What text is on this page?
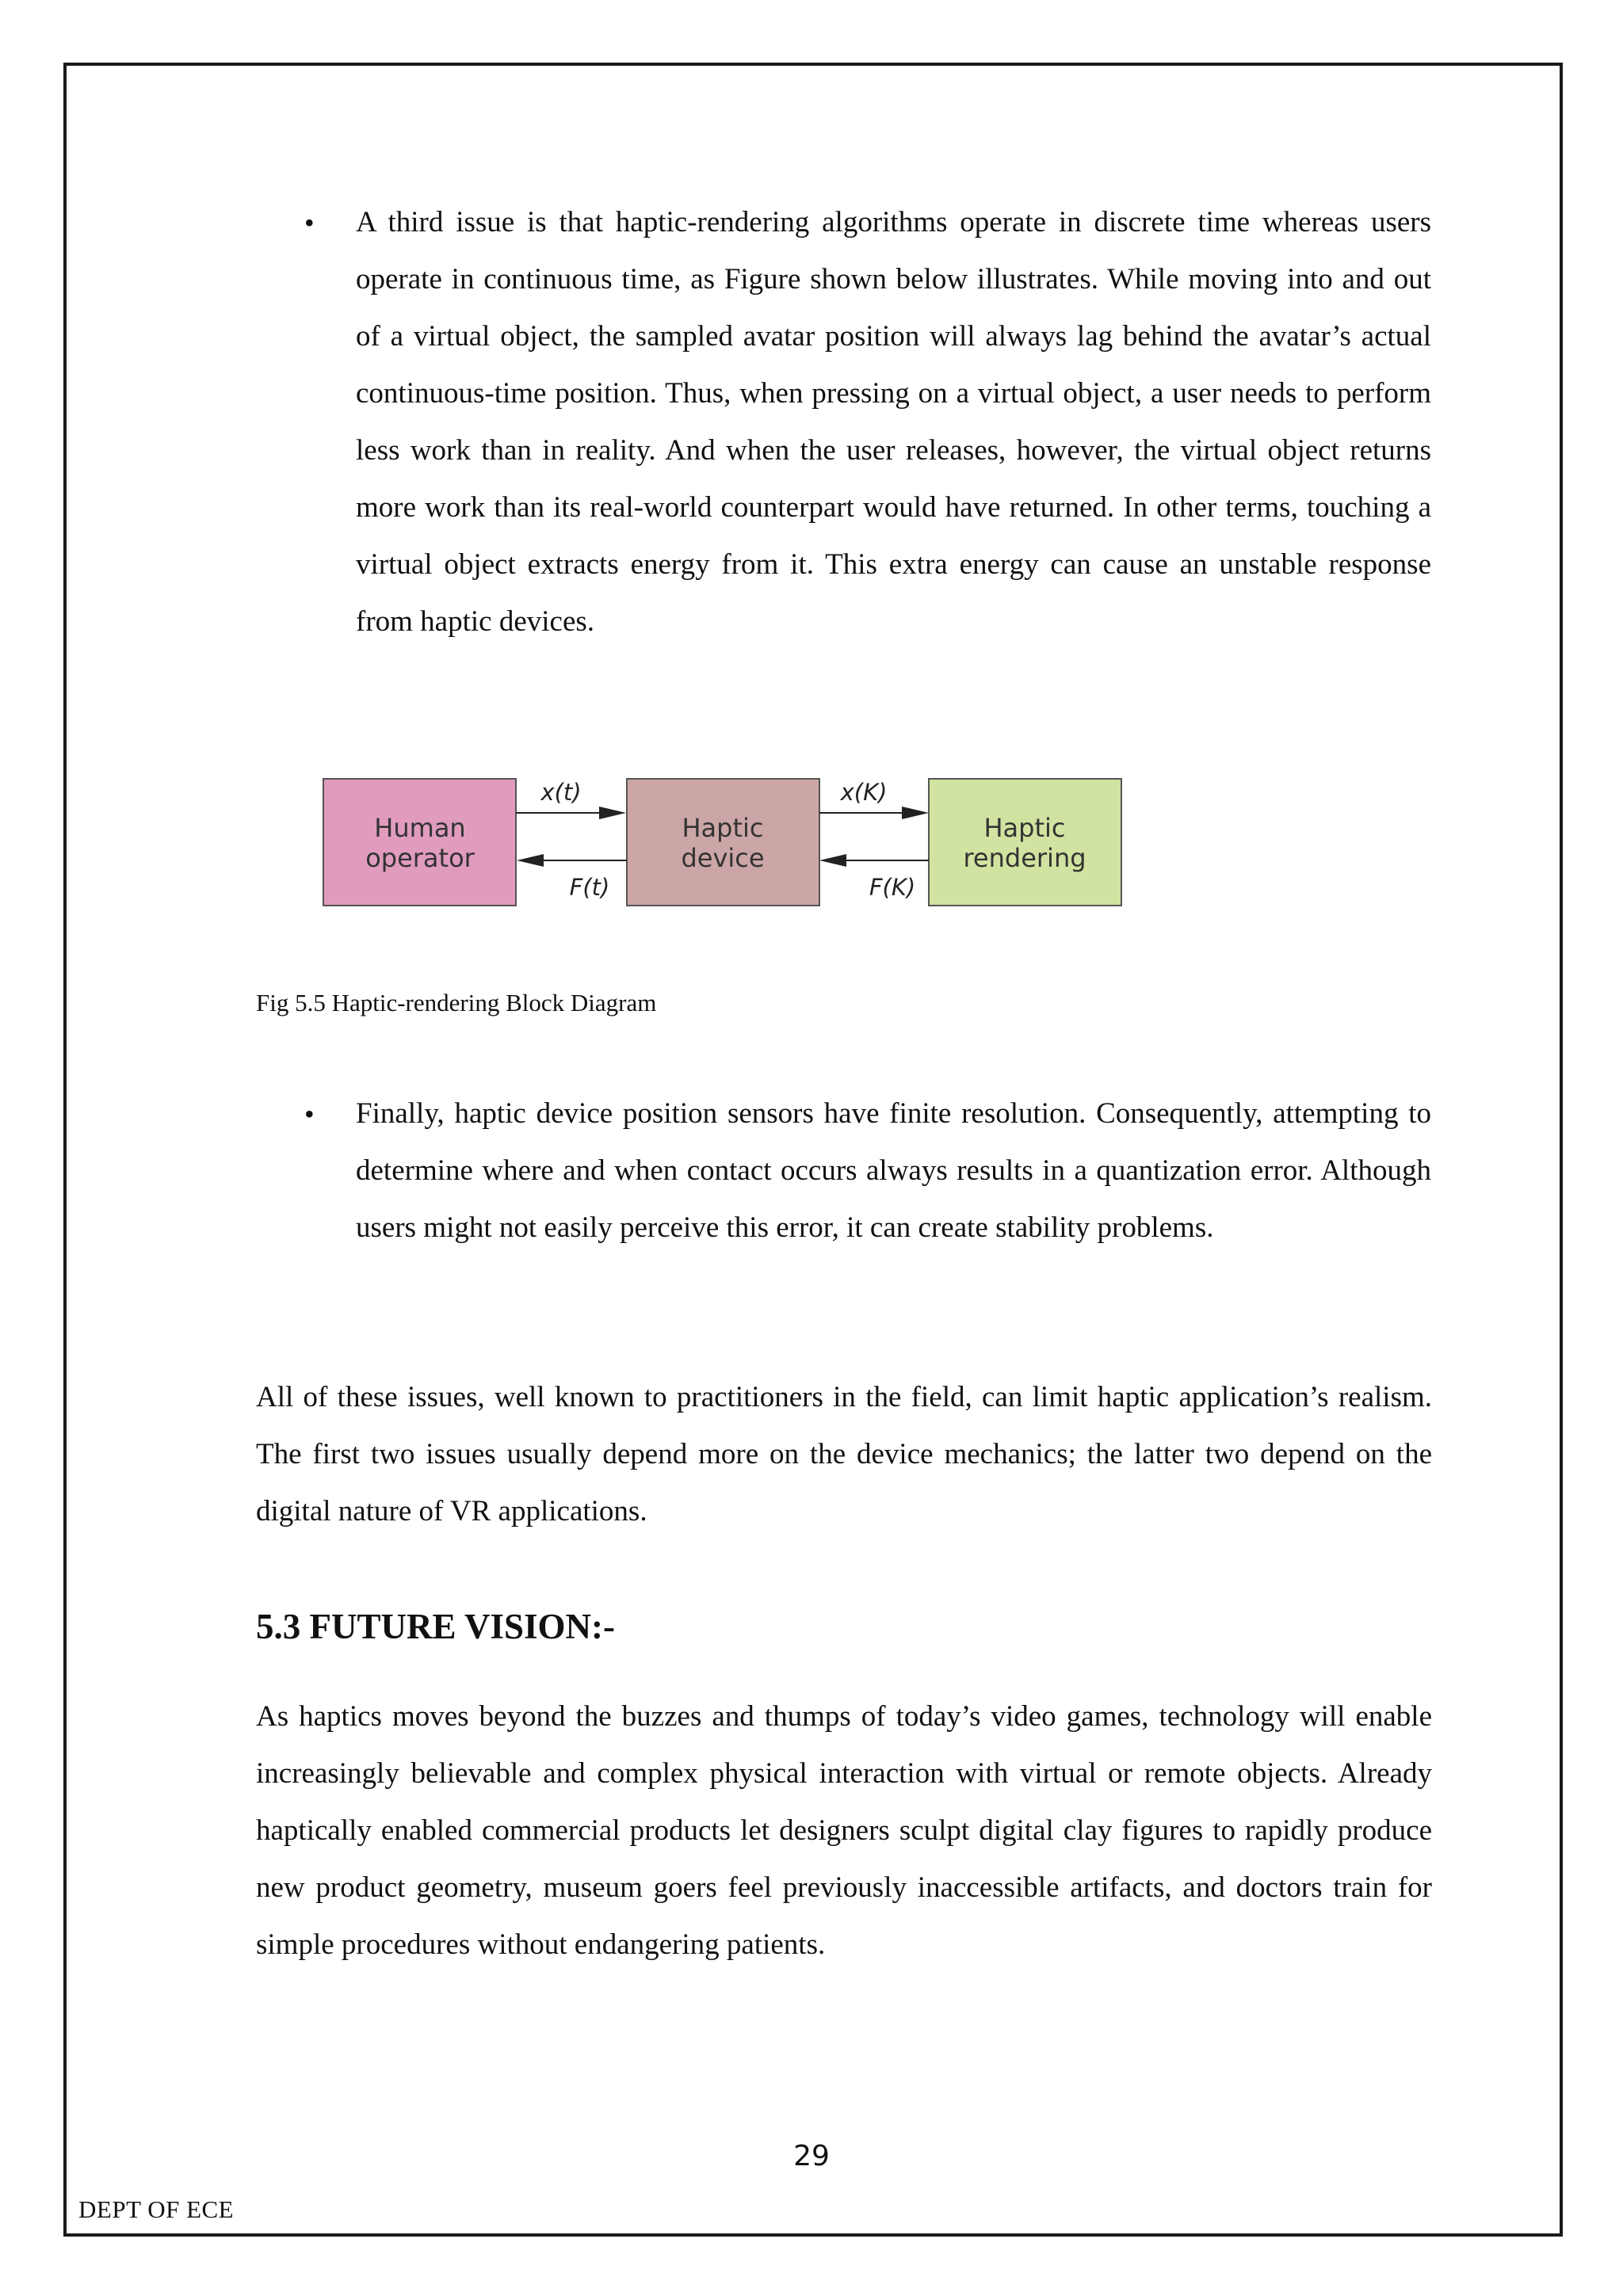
• A third issue is that haptic-rendering algorithms operate in discrete time whereas users operate in continuous time, as Figure shown below illustrates. While moving into and out of a virtual object, the sampled avatar position will always lag behind the avatar’s actual continuous-time position. Thus, when pressing on a virtual object, a user needs to perform less work than in reality. And when the user releases, however, the virtual object returns more work than its real-world counterpart would have returned. In other terms, touching a virtual object extracts energy from it. This extra energy can cause an unstable response from haptic devices.

Human
operator
Haptic
device
Haptic
rendering
x(t)
F(t)
x(K)
F(K)

Fig 5.5 Haptic-rendering Block Diagram

• Finally, haptic device position sensors have finite resolution. Consequently, attempting to determine where and when contact occurs always results in a quantization error. Although users might not easily perceive this error, it can create stability problems.

All of these issues, well known to practitioners in the field, can limit haptic application’s realism. The first two issues usually depend more on the device mechanics; the latter two depend on the digital nature of VR applications.

5.3 FUTURE VISION:-

As haptics moves beyond the buzzes and thumps of today’s video games, technology will enable increasingly believable and complex physical interaction with virtual or remote objects. Already haptically enabled commercial products let designers sculpt digital clay figures to rapidly produce new product geometry, museum goers feel previously inaccessible artifacts, and doctors train for simple procedures without endangering patients.

29
DEPT OF ECE
